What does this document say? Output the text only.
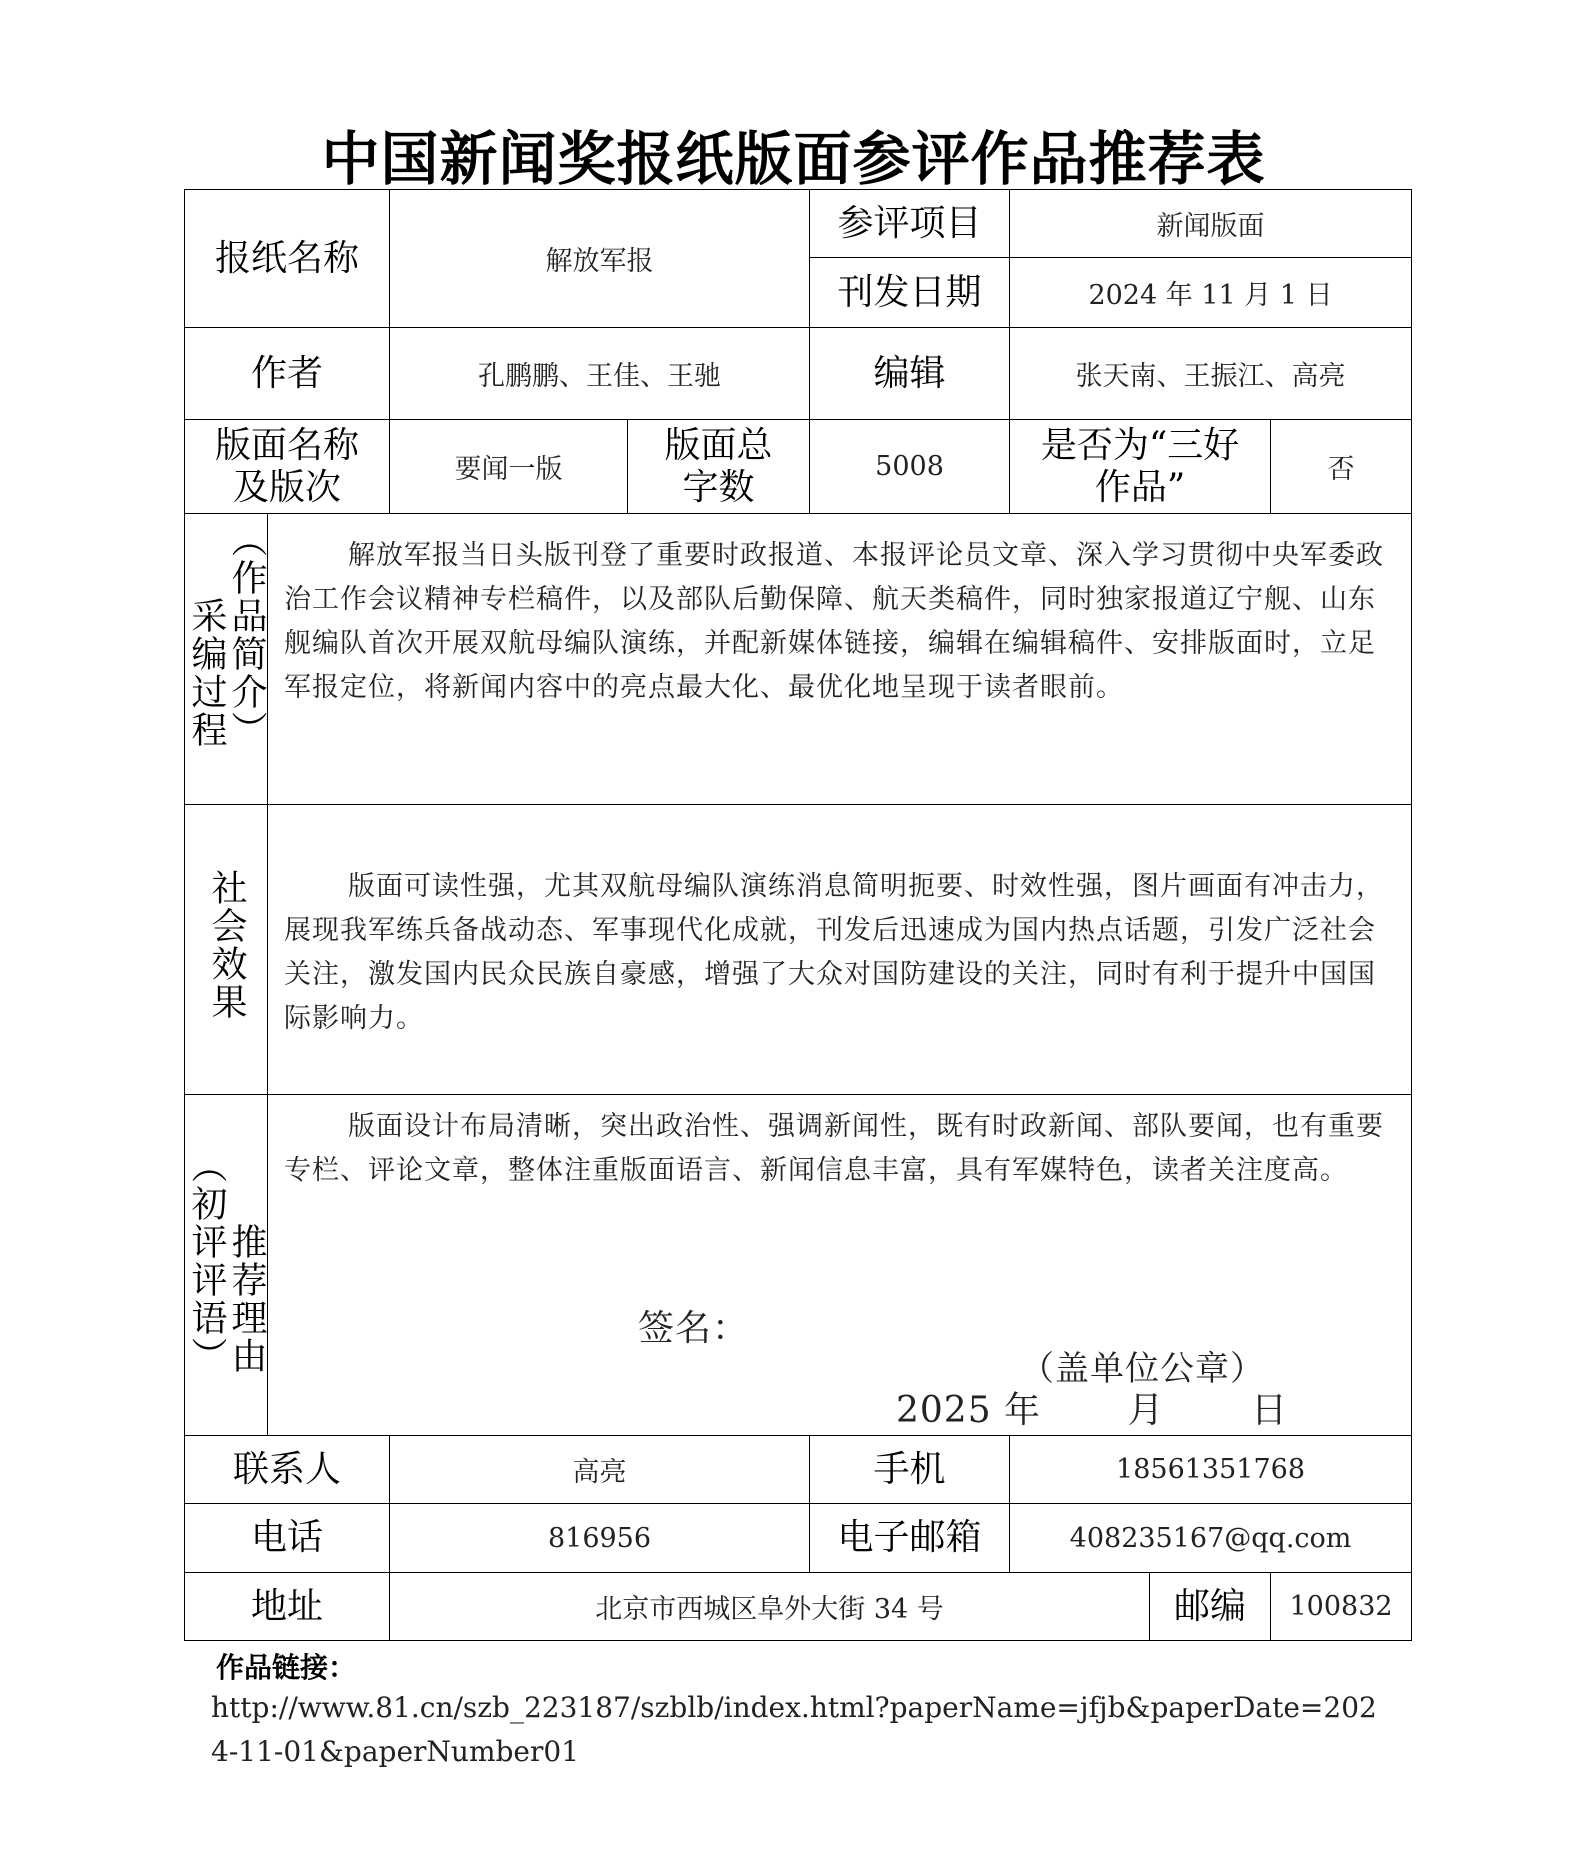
中国新闻奖报纸版面参评作品推荐表
报纸名称		解放军报		参评项目	新闻版面		
				刊发日期	2024 年 11 月 1 日		
作者		孔鹏鹏、王佳、王驰		编辑	张天南、王振江、高亮		

版面名称及版次		要闻一版	版面总字数	5008	是否为“三好作品”		否
采编过程（作品简介）	解放军报当日头版刊登了重要时政报道、本报评论员文章、深入学习贯彻中央军委政治工作会议精神专栏稿件，以及部队后勤保障、航天类稿件，同时独家报道辽宁舰、山东舰编队首次开展双航母编队演练，并配新媒体链接，编辑在编辑稿件、安排版面时，立足军报定位，将新闻内容中的亮点最大化、最优化地呈现于读者眼前。						
社会效果	版面可读性强，尤其双航母编队演练消息简明扼要、时效性强，图片画面有冲击力，展现我军练兵备战动态、军事现代化成就，刊发后迅速成为国内热点话题，引发广泛社会关注，激发国内民众民族自豪感，增强了大众对国防建设的关注，同时有利于提升中国国际影响力。						
（初评评语）推荐理由	版面设计布局清晰，突出政治性、强调新闻性，既有时政新闻、部队要闻，也有重要专栏、评论文章，整体注重版面语言、新闻信息丰富，具有军媒特色，读者关注度高。
签名：
（盖单位公章）
2025 年　　 月　　 日						

联系人		高亮		手机	18561351768		
电话		816956		电子邮箱	408235167@qq.com		
地址		北京市西城区阜外大街 34 号				邮编	100832
作品链接：
http://www.81.cn/szb_223187/szblb/index.html?paperName=jfjb&paperDate=2024-11-01&paperNumber01
